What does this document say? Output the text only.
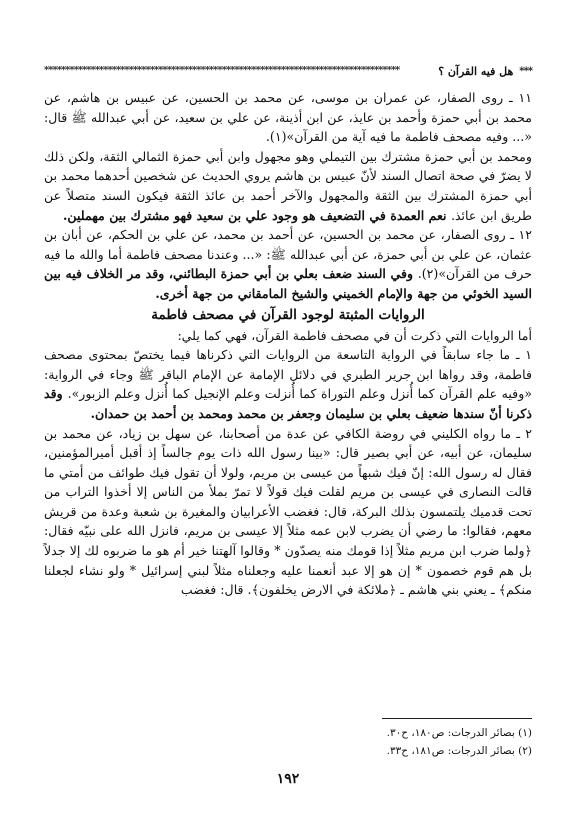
***
هل فيه القرآن ؟
************************************************************************************

١١ ـ روى الصفار، عن عمران بن موسى، عن محمد بن الحسين، عن عبيس بن هاشم، عن محمد بن أبي حمزة وأحمد بن عايذ، عن ابن أذينة، عن علي بن سعيد، عن أبي عبدالله ﷺ قال: «... وفيه مصحف فاطمة ما فيه آية من القرآن»(١).

ومحمد بن أبي حمزة مشترك بين التيملي وهو مجهول وابن أبي حمزة الثمالي الثقة، ولكن ذلك لا يضرّ في صحة اتصال السند لأنّ عبيس بن هاشم يروي الحديث عن شخصين أحدهما محمد بن أبي حمزة المشترك بين الثقة والمجهول والآخر أحمد بن عائذ الثقة فيكون السند متصلاً عن طريق ابن عائذ. نعم العمدة في التضعيف هو وجود علي بن سعيد فهو مشترك بين مهملين.

١٢ ـ روى الصفار، عن محمد بن الحسين، عن أحمد بن محمد، عن علي بن الحكم، عن أبان بن عثمان، عن علي بن أبي حمزة، عن أبي عبدالله ﷺ: «... وعندنا مصحف فاطمة أما والله ما فيه حرف من القرآن»(٢). وفي السند ضعف بعلي بن أبي حمزة البطائني، وقد مر الخلاف فيه بين السيد الخوئي من جهة والإمام الخميني والشيخ المامقاني من جهة أخرى.

الروايات المثبتة لوجود القرآن في مصحف فاطمة

أما الروايات التي ذكرت أن في مصحف فاطمة القرآن، فهي كما يلي:

١ ـ ما جاء سابقاً في الرواية التاسعة من الروايات التي ذكرناها فيما يختصّ بمحتوى مصحف فاطمة، وقد رواها ابن جرير الطبري في دلائل الإمامة عن الإمام الباقر ﷺ وجاء في الرواية: «وفيه علم القرآن كما أُنزل وعلم التوراة كما أُنزلت وعلم الإنجيل كما أُنزل وعلم الزبور». وقد ذكرنا أنّ سندها ضعيف بعلي بن سليمان وجعفر بن محمد ومحمد بن أحمد بن حمدان.

٢ ـ ما رواه الكليني في روضة الكافي عن عدة من أصحابنا، عن سهل بن زياد، عن محمد بن سليمان، عن أبيه، عن أبي بصير قال: «بينا رسول الله ذات يوم جالساً إذ أقبل أميرالمؤمنين، فقال له رسول الله: إنّ فيك شبهاً من عيسى بن مريم، ولولا أن تقول فيك طوائف من أمتي ما قالت النصارى في عيسى بن مريم لقلت فيك قولاً لا تمرّ بملأ من الناس إلا أخذوا التراب من تحت قدميك يلتمسون بذلك البركة، قال: فغضب الأعرابيان والمغيرة بن شعبة وعدة من قريش معهم، فقالوا: ما رضي أن يضرب لابن عمه مثلاً إلا عيسى بن مريم، فانزل الله على نبيّه فقال: ﴿ولما ضرب ابن مريم مثلاً إذا قومك منه يصدّون * وقالوا آلهتنا خير أم هو ما ضربوه لك إلا جدلاً بل هم قوم خصمون * إن هو إلا عبد أنعمنا عليه وجعلناه مثلاً لبني إسرائيل * ولو نشاء لجعلنا منكم﴾ ـ يعني بني هاشم ـ ﴿ملائكة في الارض يخلفون﴾. قال: فغضب

(١) بصائر الدرجات: ص١٨٠، ح٣٠.
(٢) بصائر الدرجات: ص١٨١، ح٣٣.
١٩٢
